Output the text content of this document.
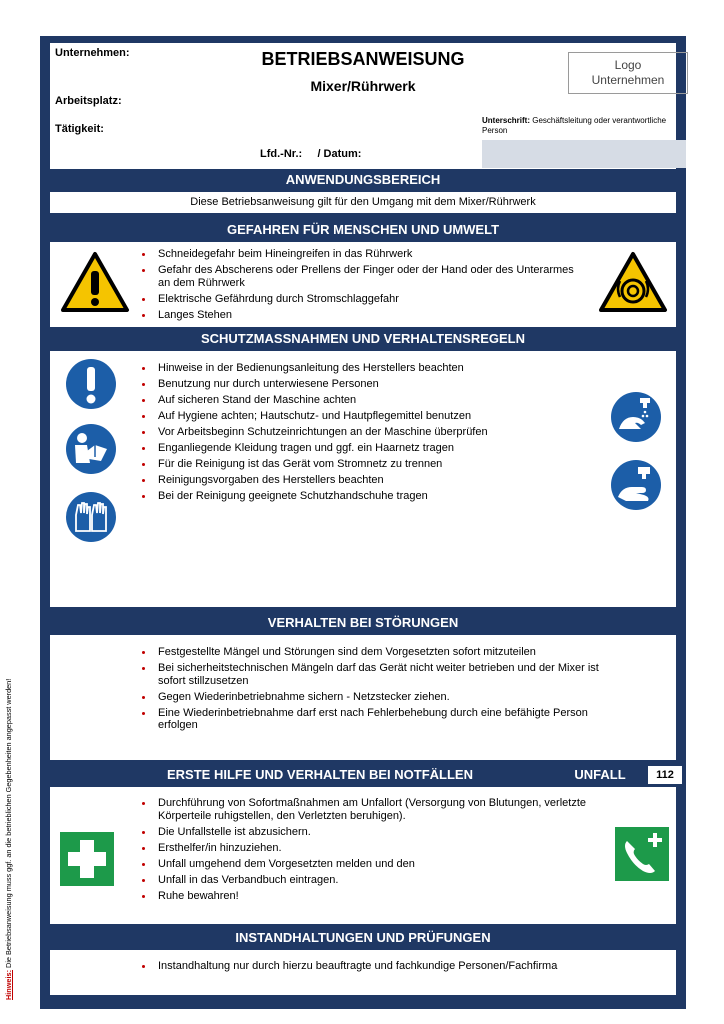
Hinweis: Die Betriebsanweisung muss ggf. an die betrieblichen Gegebenheiten angepasst werden!
Unternehmen:	BETRIEBSANWEISUNG
Mixer/Rührwerk
Arbeitsplatz:
Tätigkeit:
Lfd.-Nr.:     / Datum:
Logo
Unternehmen
Unterschrift: Geschäftsleitung oder verantwortliche Person
ANWENDUNGSBEREICH
Diese Betriebsanweisung gilt für den Umgang mit dem Mixer/Rührwerk
GEFAHREN FÜR MENSCHEN UND UMWELT
Schneidegefahr beim Hineingreifen in das Rührwerk
Gefahr des Abscherens oder Prellens der Finger oder der Hand oder des Unterarmes an dem Rührwerk
Elektrische Gefährdung durch Stromschlaggefahr
Langes Stehen
SCHUTZMASSNAHMEN UND VERHALTENSREGELN
Hinweise in der Bedienungsanleitung des Herstellers beachten
Benutzung nur durch unterwiesene Personen
Auf sicheren Stand der Maschine achten
Auf Hygiene achten; Hautschutz- und Hautpflegemittel benutzen
Vor Arbeitsbeginn Schutzeinrichtungen an der Maschine überprüfen
Enganliegende Kleidung tragen und ggf. ein Haarnetz tragen
Für die Reinigung ist das Gerät vom Stromnetz zu trennen
Reinigungsvorgaben des Herstellers beachten
Bei der Reinigung geeignete Schutzhandschuhe tragen
VERHALTEN BEI STÖRUNGEN
Festgestellte Mängel und Störungen sind dem Vorgesetzten sofort mitzuteilen
Bei sicherheitstechnischen Mängeln darf das Gerät nicht weiter betrieben und der Mixer ist sofort stillzusetzen
Gegen Wiederinbetriebnahme sichern - Netzstecker ziehen.
Eine Wiederinbetriebnahme darf erst nach Fehlerbehebung durch eine befähigte Person erfolgen
ERSTE HILFE UND VERHALTEN BEI NOTFÄLLEN	UNFALL	112
Durchführung von Sofortmaßnahmen am Unfallort (Versorgung von Blutungen, verletzte Körperteile ruhigstellen, den Verletzten beruhigen).
Die Unfallstelle ist abzusichern.
Ersthelfer/in hinzuziehen.
Unfall umgehend dem Vorgesetzten melden und den
Unfall in das Verbandbuch eintragen.
Ruhe bewahren!
INSTANDHALTUNGEN UND PRÜFUNGEN
Instandhaltung nur durch hierzu beauftragte und fachkundige Personen/Fachfirma
